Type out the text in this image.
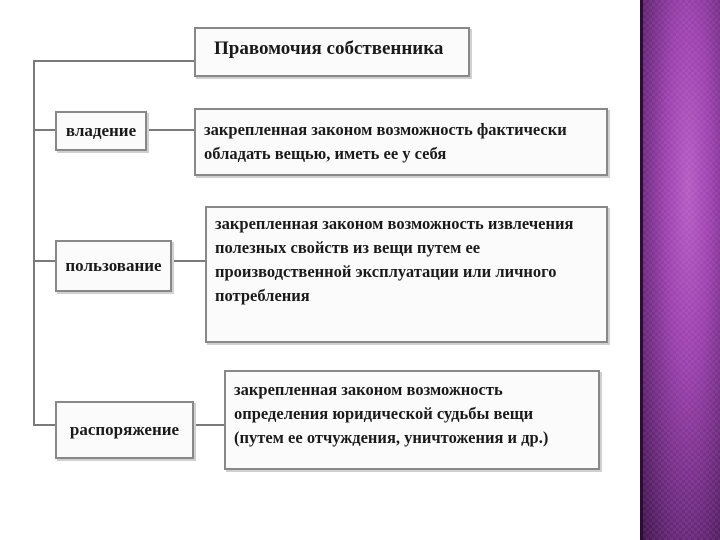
Правомочия собственника
владение	закрепленная законом возможность фактически
обладать вещью, иметь ее у себя
пользование
закрепленная законом возможность извлечения
полезных свойств из вещи путем ее
производственной эксплуатации или личного
потребления
распоряжение
закрепленная законом возможность
определения юридической судьбы вещи
(путем ее отчуждения, уничтожения и др.)
